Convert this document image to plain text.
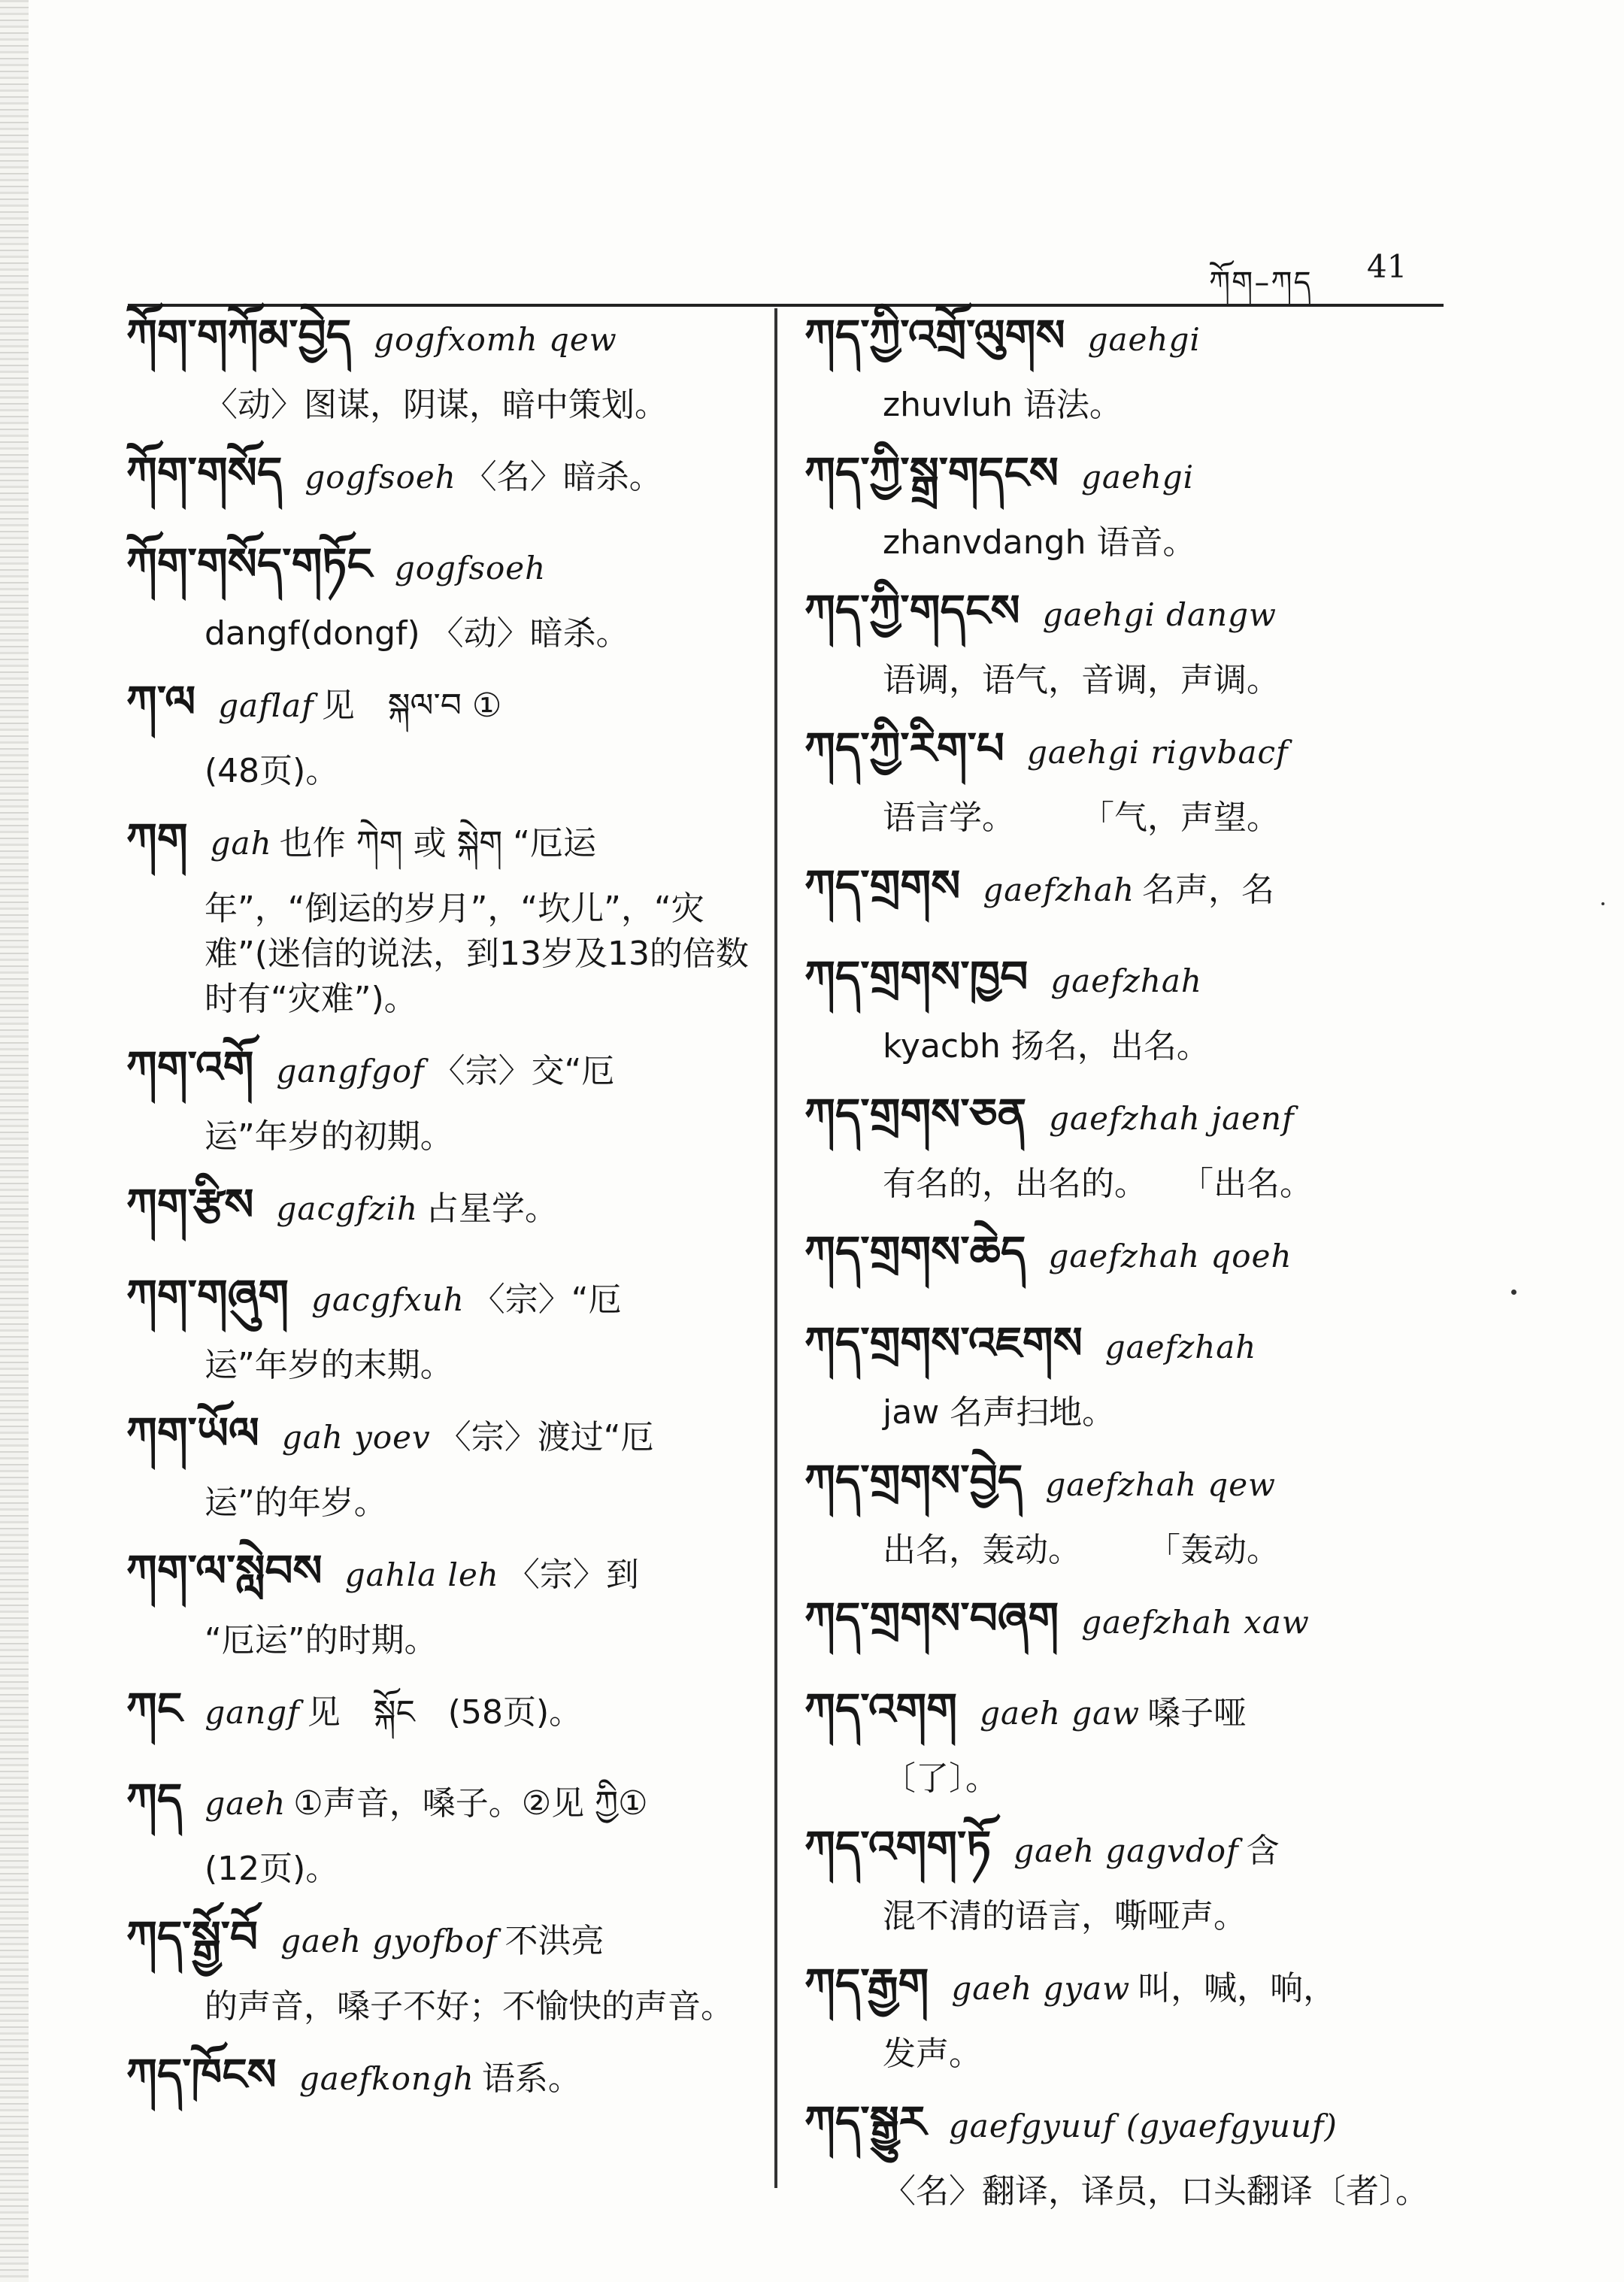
ཀོག–ཀད 41
ཀོག་གཀོམ་བྱེད gogfxomh qew
〈动〉图谋，阴谋，暗中策划。
ཀོག་གསོད gogfsoeh 〈名〉暗杀。
ཀོག་གསོད་གཏོང gogfsoeh
dangf(dongf) 〈动〉暗杀。
ཀ་ལ gaflaf 见　སྐལ་བ ①
(48页)。
ཀག gah 也作 ཀེག 或 སྐེག “厄运
年”，“倒运的岁月”，“坎儿”，“灾难”(迷信的说法，到13岁及13的倍数时有“灾难”)。
ཀག་འགོ gangfgof 〈宗〉交“厄
运”年岁的初期。
ཀག་རྩིས gacgfzih 占星学。
ཀག་གཞུག gacgfxuh 〈宗〉“厄
运”年岁的末期。
ཀག་ཡོལ gah yoev 〈宗〉渡过“厄
运”的年岁。
ཀག་ལ་སླེབས gahla leh 〈宗〉到
“厄运”的时期。
ཀང gangf 见　སྐོང　(58页)。
ཀད gaeh ①声音，嗓子。②见 ཀྱི①
(12页)。
ཀད་སྒྱོ་བོ gaeh gyofbof 不洪亮
的声音，嗓子不好；不愉快的声音。
ཀད་ཁོངས gaefkongh 语系。
ཀད་ཀྱི་འགྲོ་ལུགས gaehgi
zhuvluh 语法。
ཀད་ཀྱི་སྒྲ་གདངས gaehgi
zhanvdangh 语音。
ཀད་ཀྱི་གདངས gaehgi dangw
语调，语气，音调，声调。
ཀད་ཀྱི་རིག་པ gaehgi rigvbacf
语言学。　　　「气，声望。
ཀད་གྲགས gaefzhah 名声，名
ཀད་གྲགས་ཁྱབ gaefzhah
kyacbh 扬名，出名。
ཀད་གྲགས་ཅན gaefzhah jaenf
有名的，出名的。　　「出名。
ཀད་གྲགས་ཆེད gaefzhah qoeh
ཀད་གྲགས་འཇགས gaefzhah
jaw 名声扫地。
ཀད་གྲགས་བྱེད gaefzhah qew
出名，轰动。　　　「轰动。
ཀད་གྲགས་བཞག gaefzhah xaw
ཀད་འགག gaeh gaw 嗓子哑
〔了〕。
ཀད་འགག་ཏོ gaeh gagvdof 含
混不清的语言，嘶哑声。
ཀད་རྒྱག gaeh gyaw 叫，喊，响，
发声。
ཀད་སྒྱུར gaefgyuuf (gyaefgyuuf)
〈名〉翻译，译员，口头翻译〔者〕。
